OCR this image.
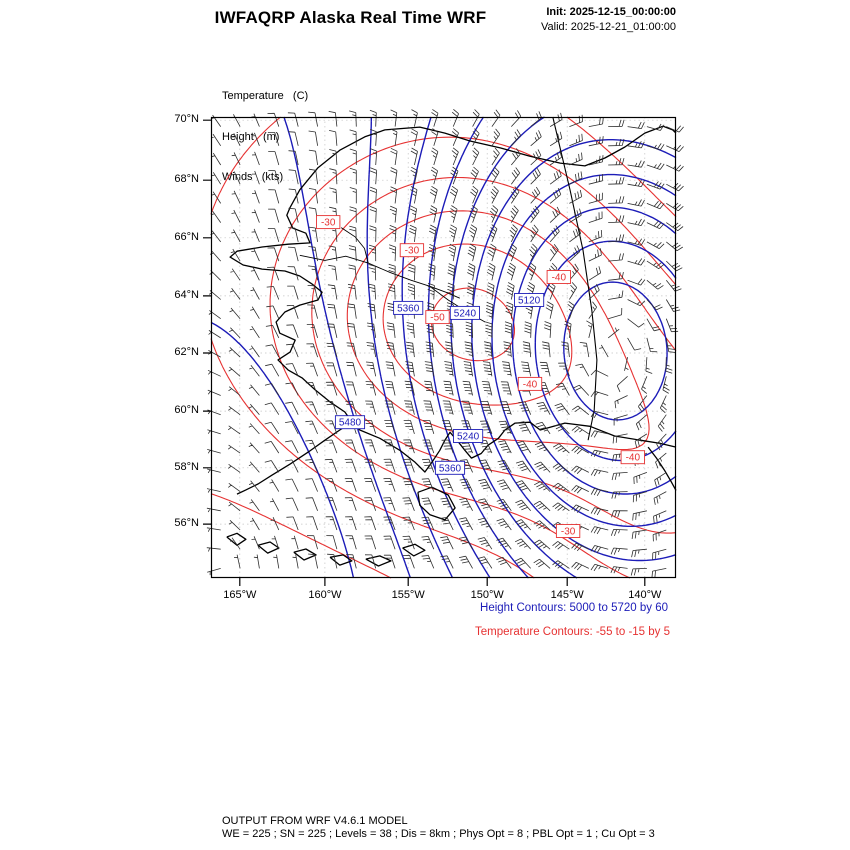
IWFAQRP Alaska Real Time WRF	Init: 2025-12-15_00:00:00
Valid: 2025-12-21_01:00:00

Temperature   (C)

Height   (m)

Winds   (kts)

5360	5240
5120
5480
5240
5360
-30
-30
-40
-50
-40
-40
-30
70°N
68°N
66°N
64°N
62°N
60°N
58°N
56°N
165°W	160°W	155°W	150°W	145°W	140°W
Height Contours: 5000 to 5720 by 60
Temperature Contours: -55 to -15 by 5
OUTPUT FROM WRF V4.6.1 MODEL
WE = 225 ; SN = 225 ; Levels = 38 ; Dis = 8km ; Phys Opt = 8 ; PBL Opt = 1 ; Cu Opt = 3
